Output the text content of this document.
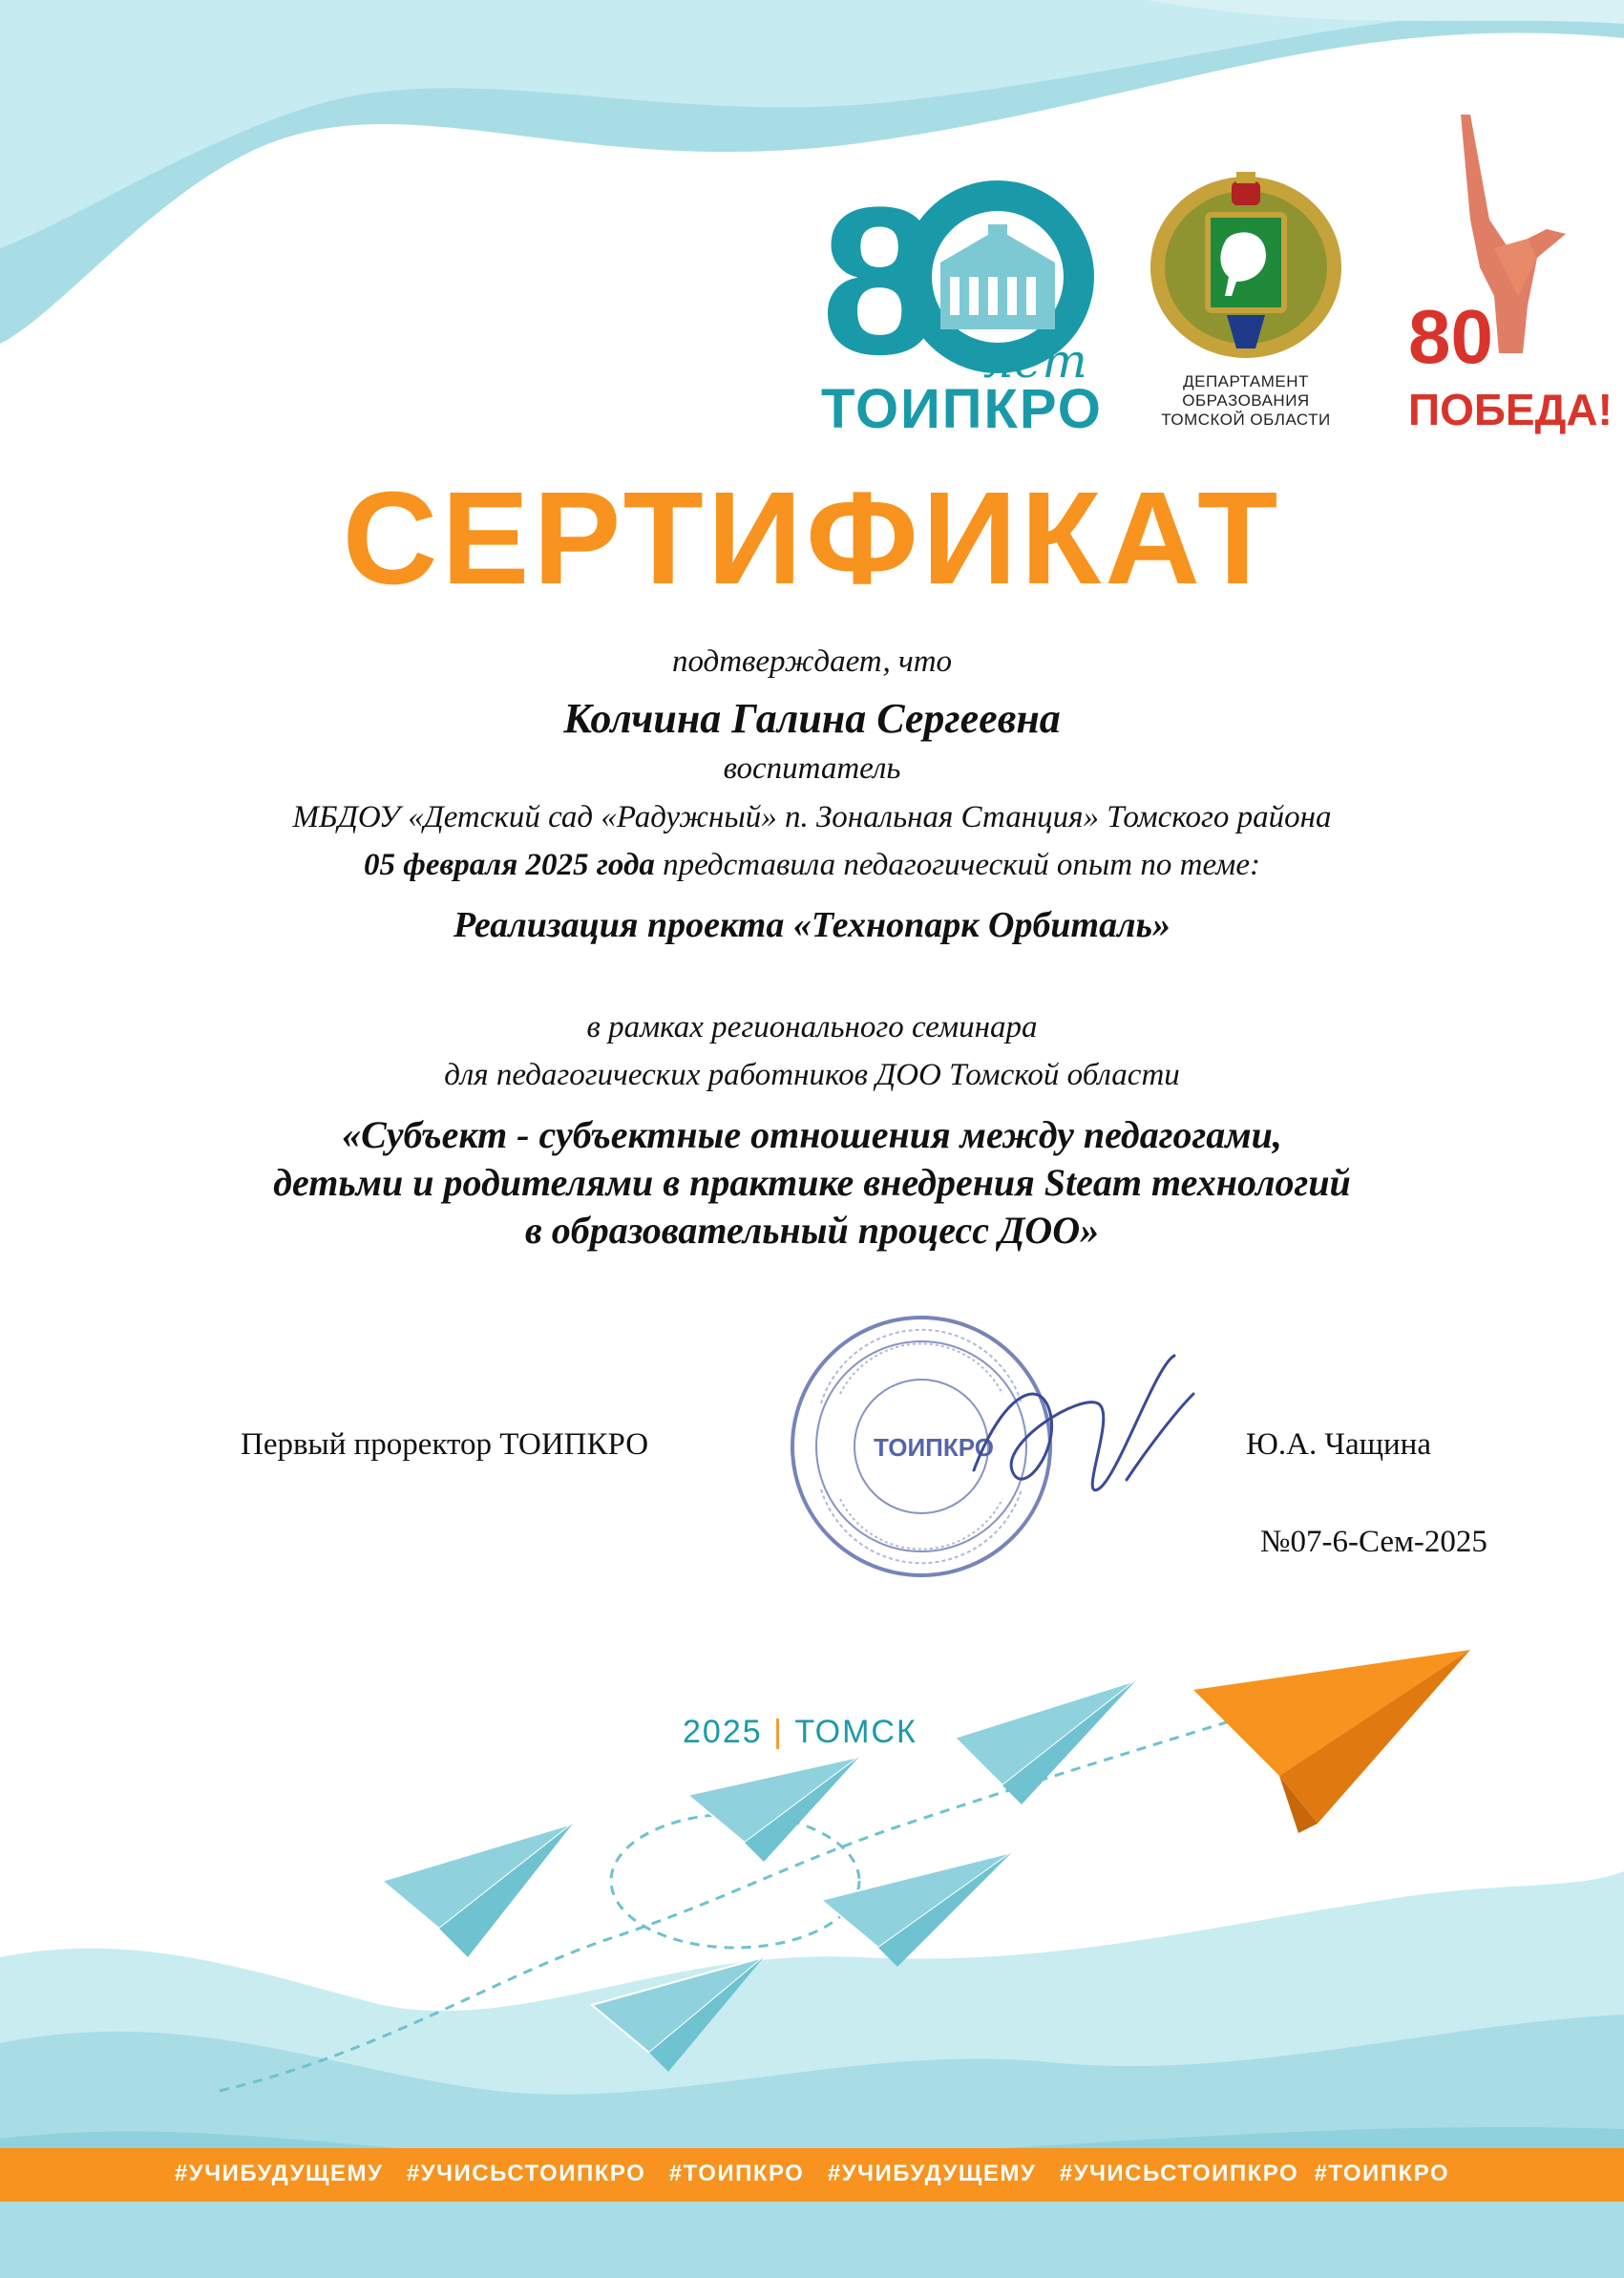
8 лет
ТОИПКРО	ДЕПАРТАМЕНТ
ОБРАЗОВАНИЯ
ТОМСКОЙ ОБЛАСТИ
80
ПОБЕДА!
СЕРТИФИКАТ
подтверждает, что
Колчина Галина Сергеевна
воспитатель
МБДОУ «Детский сад «Радужный» п. Зональная Станция» Томского района
05 февраля 2025 года представила педагогический опыт по теме:
Реализация проекта «Технопарк Орбиталь»
в рамках регионального семинара
для педагогических работников ДОО Томской области
«Субъект - субъектные отношения между педагогами,
детьми и родителями в практике внедрения Steam технологий
в образовательный процесс ДОО»
ТОИПКРО
Первый проректор ТОИПКРО	Ю.А. Чащина
№07-6-Сем-2025
2025 | ТОМСК
#УЧИБУДУЩЕМУ   #УЧИСЬСТОИПКРО   #ТОИПКРО   #УЧИБУДУЩЕМУ   #УЧИСЬСТОИПКРО  #ТОИПКРО
